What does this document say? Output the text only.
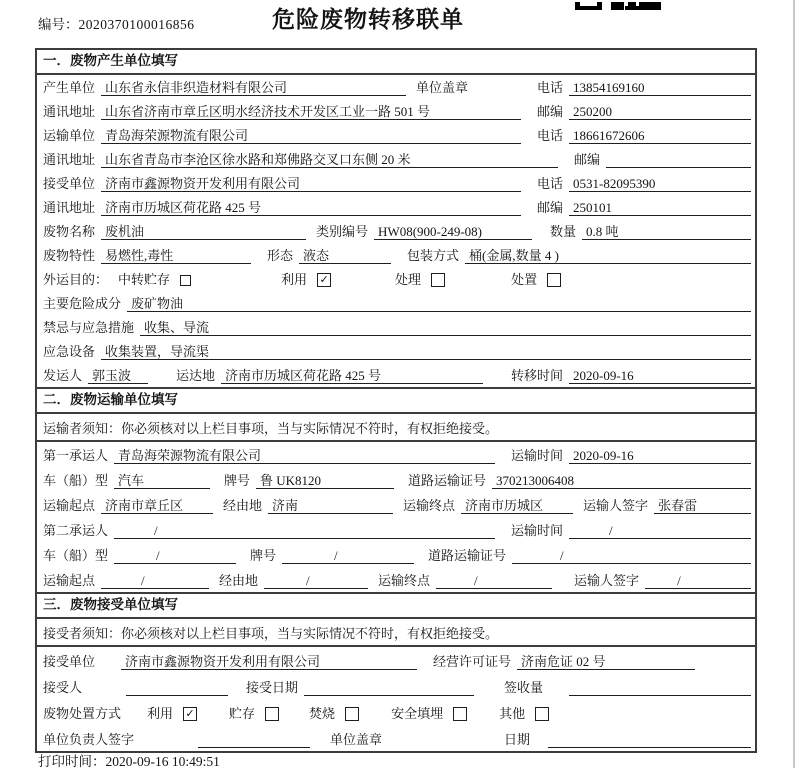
编号：2020370100016856	危险废物转移联单
一．废物产生单位填写
产生单位 山东省永信非织造材料有限公司	单位盖章	电话 13854169160
通讯地址 山东省济南市章丘区明水经济技术开发区工业一路 501 号	邮编 250200
运输单位 青岛海荣源物流有限公司	电话 18661672606
通讯地址 山东省青岛市李沧区徐水路和郑佛路交叉口东侧 20 米	邮编
接受单位 济南市鑫源物资开发利用有限公司	电话 0531-82095390
通讯地址 济南市历城区荷花路 425 号	邮编 250101
废物名称 废机油	类别编号 HW08(900-249-08)	数量 0.8 吨
废物特性 易燃性,毒性	形态 液态	包装方式 桶(金属,数量 4 )
外运目的： 中转贮存	利用 ✓	处理	处置
主要危险成分 废矿物油
禁忌与应急措施 收集、导流
应急设备 收集装置，导流渠
发运人 郭玉波	运达地 济南市历城区荷花路 425 号	转移时间 2020-09-16
二．废物运输单位填写
运输者须知： 你必须核对以上栏目事项，当与实际情况不符时，有权拒绝接受。
第一承运人 青岛海荣源物流有限公司	运输时间 2020-09-16
车（船）型 汽车	牌号 鲁 UK8120	道路运输证号 370213006408
运输起点 济南市章丘区	经由地 济南	运输终点 济南市历城区	运输人签字 张春雷
第二承运人	/	运输时间	/
车（船）型	/	牌号	/	道路运输证号	/
运输起点	/	经由地	/	运输终点	/	运输人签字	/
三．废物接受单位填写
接受者须知： 你必须核对以上栏目事项，当与实际情况不符时，有权拒绝接受。
接受单位	济南市鑫源物资开发利用有限公司	经营许可证号 济南危证 02 号
接受人	接受日期	签收量
废物处置方式 利用 ✓	贮存	焚烧	安全填埋	其他
单位负责人签字	单位盖章	日期
打印时间：2020-09-16 10:49:51
